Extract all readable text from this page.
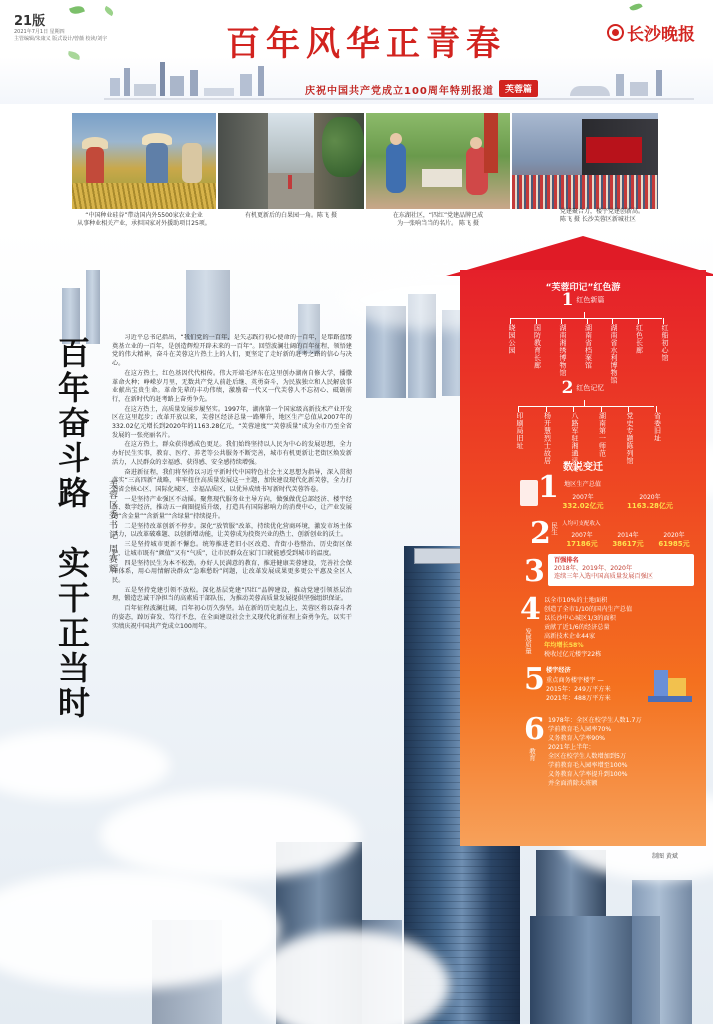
21版
2021年7月1日 星期四
主管编辑/朱康义 版式设计/曾薇 校读/刘宇	百年风华正青春	长沙晚报
庆祝中国共产党成立100周年特别报道	芙蓉篇
“中国种业硅谷”带动国内外5500家农业企业
从事种业相关产业，承担国家对外援助项目25项。
有机更新后的白果园一角。陈飞 摄	在东湖社区，“四红”党建品牌已成
为一张响当当的名片。 陈飞 摄
党建聚合力，楼宇党建创新高。
陈飞 摄 长沙芙蓉区新城社区
百年奋斗路
实干正当时
芙蓉区委书记 周赛辉

习近平总书记指出，“我们党的一百年，是矢志践行初心使命的一百年，是筚路蓝缕奠基立业的一百年，是创造辉煌开辟未来的一百年”。回望波澜壮阔的百年征程，领悟建党的伟大精神，奋斗在芙蓉这片热土上的人们，更坚定了走好新的赶考之路的信心与决心。

在这方热土，红色基因代代相传。伟大开端毛泽东在这里创办湖南自修大学，播撒革命火种；峥嵘岁月里，无数共产党人前赴后继、英勇奋斗，为民族独立和人民解放事业献出宝贵生命。革命先辈的丰功伟绩，激励着一代又一代芙蓉人不忘初心、砥砺前行，在新时代的赶考路上奋勇争先。

在这方热土，高质量发展步履坚实。1997年，湖南第一个国家级高新技术产业开发区在这里起步；改革开放以来，芙蓉区经济总量一路攀升，地区生产总值从2007年的332.02亿元增长到2020年的1163.28亿元，“芙蓉速度”“芙蓉质量”成为全市乃至全省发展的一张亮丽名片。

在这方热土，群众获得感成色更足。我们始终坚持以人民为中心的发展思想，全力办好民生实事，教育、医疗、养老等公共服务不断完善，城市有机更新让老街区焕发新活力，人民群众的幸福感、获得感、安全感持续增强。

奋进新征程，我们将坚持以习近平新时代中国特色社会主义思想为指导，深入贯彻落实“三高四新”战略，牢牢扭住高质量发展这一主题，加快建设现代化新芙蓉，全力打造省会核心区、国际化城区、幸福品质区，以优异成绩书写新时代芙蓉答卷。

一是坚持产业强区不动摇。聚焦现代服务业主导方向，做强做优总部经济、楼宇经济、数字经济，推动五一商圈提质升级，打造具有国际影响力的消费中心，让产业发展的“含金量”“含新量”“含绿量”持续提升。

二是坚持改革创新不停步。深化“放管服”改革，持续优化营商环境，激发市场主体活力，以改革破难题、以创新增动能，让芙蓉成为投资兴业的热土、创新创业的沃土。

三是坚持城市更新不懈怠。统筹推进老旧小区改造、背街小巷整治、历史街区保护，让城市既有“颜值”又有“气质”，让市民群众在家门口就能感受到城市的温度。

四是坚持民生为本不松劲。办好人民满意的教育，推进健康芙蓉建设，完善社会保障体系，用心用情解决群众“急难愁盼”问题，让改革发展成果更多更公平惠及全区人民。

五是坚持党建引领不放松。深化基层党建“四红”品牌建设，推动党建引领基层治理，锻造忠诚干净担当的高素质干部队伍，为推动芙蓉高质量发展提供坚强组织保证。

百年征程波澜壮阔，百年初心历久弥坚。站在新的历史起点上，芙蓉区将以奋斗者的姿态，踔厉奋发、笃行不怠，在全面建设社会主义现代化新征程上奋勇争先，以实干实绩庆祝中国共产党成立100周年。

“芙蓉印记”红色游
1 红色新篇
晓园公园	国防教育长廊	湖南湘绣博物馆	湖南省档案馆	湖南省水利博物馆	红色长廊	红船初心馆
2 红色记忆
印刷局旧址	杨开慧烈士故居	八路军驻湘通讯处	湖南第一师范	党史专题陈列馆	省委旧址
数说变迁
1 地区生产总值
2007年
332.02亿元
2020年
1163.28亿元
2 民生 人均可支配收入
2007年
17186元
2014年
38617元
2020年
61985元
3 百强排名
2018年、2019年、2020年
连续三年入选中国高质量发展百强区
4
发展质量
以全市10%的土地面积
创造了全市1/10的国内生产总值
以长沙中心城区1/3的面积
贡献了近1/6的经济总量
高新技术企业44家
年均增长58%
税收过亿元楼宇22栋
5 楼宇经济
重点商务楼宇楼宇 —
2015年：249万平方米
2021年：488万平方米
6
教育
1978年：全区在校学生人数1.7万
学前教育毛入园率70%
义务教育入学率90%
2021年上半年：
全区在校学生人数增加到5万
学前教育毛入园率增至100%
义务教育入学率提升到100%
并全面消除大班额
制图 黄斌
